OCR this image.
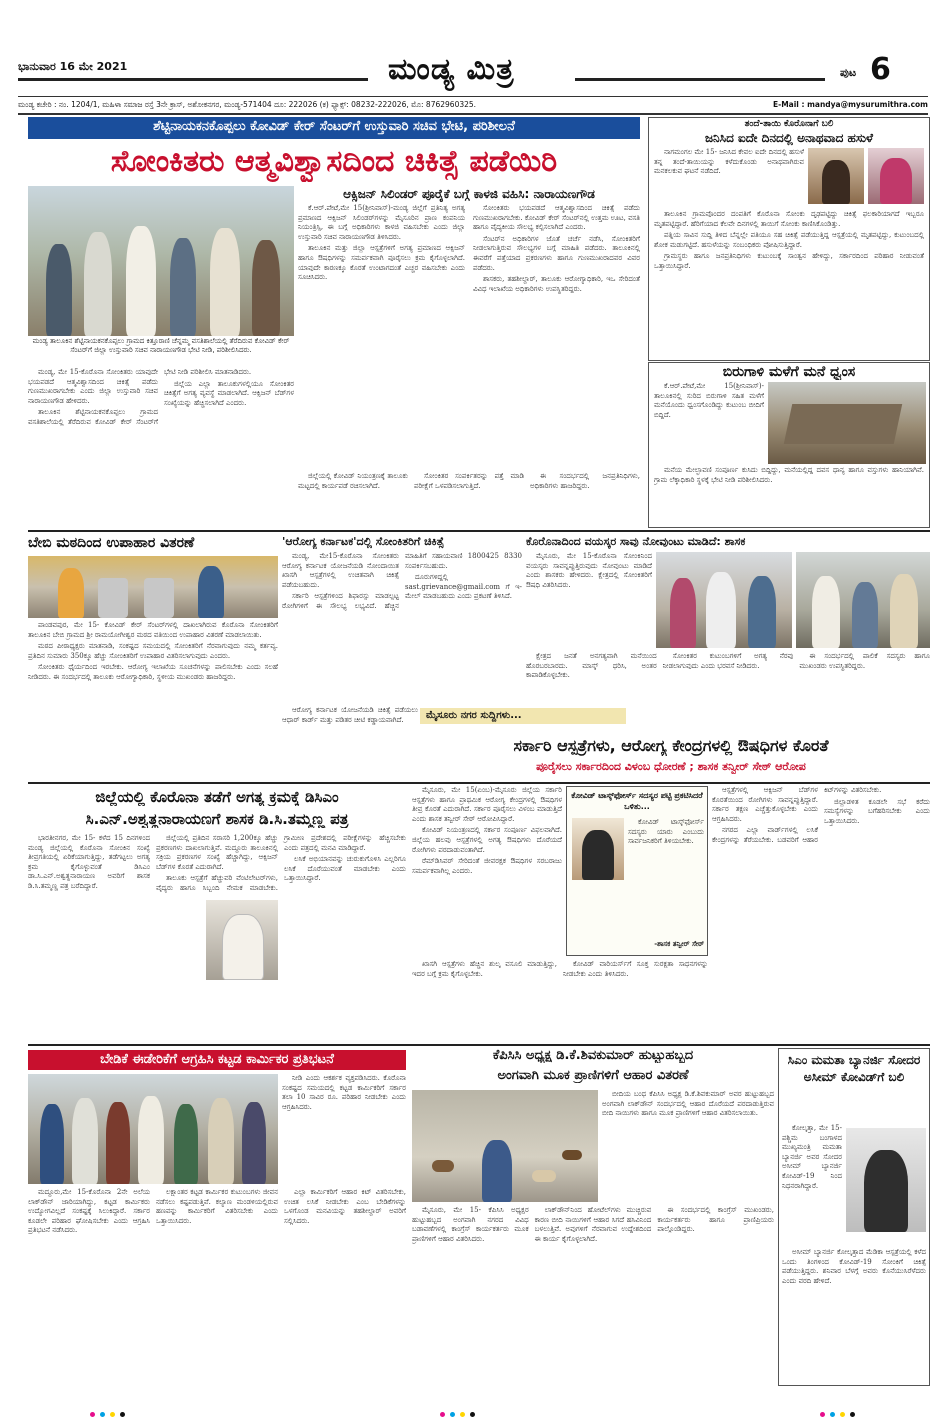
ಭಾನುವಾರ 16 ಮೇ 2021	ಮಂಡ್ಯ ಮಿತ್ರ	ಪುಟ 6
ಮಂಡ್ಯ ಕಚೇರಿ : ನಂ. 1204/1, ಮಹಿಳಾ ಸಮಾಜ ರಸ್ತೆ 3ನೇ ಕ್ರಾಸ್, ಅಶೋಕನಗರ, ಮಂಡ್ಯ-571404 ದೂ: 222026 (ಕ) ಫ್ಯಾಕ್ಸ್: 08232-222026, ಮೊ: 8762960325.	E-Mail : mandya@mysurumithra.com
ಶೆಟ್ಟಿನಾಯಕನಕೊಪ್ಪಲು ಕೋವಿಡ್ ಕೇರ್ ಸೆಂಟರ್‌ಗೆ ಉಸ್ತುವಾರಿ ಸಚಿವ ಭೇಟಿ, ಪರಿಶೀಲನೆ
ಸೋಂಕಿತರು ಆತ್ಮವಿಶ್ವಾಸದಿಂದ ಚಿಕಿತ್ಸೆ ಪಡೆಯಿರಿ
ಮಂಡ್ಯ ತಾಲೂಕಿನ ಶೆಟ್ಟಿನಾಯಕನಕೊಪ್ಪಲು ಗ್ರಾಮದ ಕಿತ್ತೂರಾಣಿ ಚೆನ್ನಮ್ಮ ವಸತಿಶಾಲೆಯಲ್ಲಿ ತೆರೆದಿರುವ ಕೋವಿಡ್ ಕೇರ್ ಸೆಂಟರ್‌ಗೆ ಜಿಲ್ಲಾ ಉಸ್ತುವಾರಿ ಸಚಿವ ನಾರಾಯಣಗೌಡ ಭೇಟಿ ನೀಡಿ, ಪರಿಶೀಲಿಸಿದರು.
ಆಕ್ಸಿಜನ್ ಸಿಲಿಂಡರ್ ಪೂರೈಕೆ ಬಗ್ಗೆ ಕಾಳಜಿ ವಹಿಸಿ: ನಾರಾಯಣಗೌಡ

ಕೆ.ಆರ್.ಪೇಟೆ,ಮೇ 15(ಶ್ರೀನಿವಾಸ್)-ಮಂಡ್ಯ ಜಿಲ್ಲೆಗೆ ಪ್ರತಿನಿತ್ಯ ಅಗತ್ಯ ಪ್ರಮಾಣದ ಆಕ್ಸಿಜನ್ ಸಿಲಿಂಡರ್‌ಗಳನ್ನು ಮೈಸೂರಿನ ಪ್ರಾಣ ಕಂಪನಿಯ ನಿಯಂತ್ರಿಸ್ಸಿ, ಈ ಬಗ್ಗೆ ಅಧಿಕಾರಿಗಳು ಕಾಳಜಿ ವಹಿಸಬೇಕು ಎಂದು ಜಿಲ್ಲಾ ಉಸ್ತುವಾರಿ ಸಚಿವ ನಾರಾಯಣಗೌಡ ತಿಳಿಸಿದರು.

ತಾಲೂಕಿನ ಮತ್ತು ಜಿಲ್ಲಾ ಆಸ್ಪತ್ರೆಗಳಿಗೆ ಅಗತ್ಯ ಪ್ರಮಾಣದ ಆಕ್ಸಿಜನ್ ಹಾಗೂ ಔಷಧಿಗಳನ್ನು ಸಮರ್ಪಕವಾಗಿ ಪೂರೈಸಲು ಕ್ರಮ ಕೈಗೊಳ್ಳಲಾಗಿದೆ. ಯಾವುದೇ ಕಾರಣಕ್ಕೂ ಕೊರತೆ ಉಂಟಾಗದಂತೆ ಎಚ್ಚರ ವಹಿಸಬೇಕು ಎಂದು ಸೂಚಿಸಿದರು.

ಸೋಂಕಿತರು ಭಯಪಡದೆ ಆತ್ಮವಿಶ್ವಾಸದಿಂದ ಚಿಕಿತ್ಸೆ ಪಡೆದು ಗುಣಮುಖರಾಗಬೇಕು. ಕೋವಿಡ್ ಕೇರ್ ಸೆಂಟರ್‌ನಲ್ಲಿ ಉತ್ತಮ ಊಟ, ವಸತಿ ಹಾಗೂ ವೈದ್ಯಕೀಯ ಸೌಲಭ್ಯ ಕಲ್ಪಿಸಲಾಗಿದೆ ಎಂದರು.

ಸೆಂಟರ್‌ನ ಅಧಿಕಾರಿಗಳ ಜೊತೆ ಚರ್ಚೆ ನಡೆಸಿ, ಸೋಂಕಿತರಿಗೆ ನೀಡಲಾಗುತ್ತಿರುವ ಸೌಲಭ್ಯಗಳ ಬಗ್ಗೆ ಮಾಹಿತಿ ಪಡೆದರು. ತಾಲೂಕಿನಲ್ಲಿ ಈವರೆಗೆ ಪತ್ತೆಯಾದ ಪ್ರಕರಣಗಳು ಹಾಗೂ ಗುಣಮುಖರಾದವರ ವಿವರ ಪಡೆದರು.

ಶಾಸಕರು, ತಹಶೀಲ್ದಾರ್, ತಾಲೂಕು ಆರೋಗ್ಯಾಧಿಕಾರಿ, ಇಒ ಸೇರಿದಂತೆ ವಿವಿಧ ಇಲಾಖೆಯ ಅಧಿಕಾರಿಗಳು ಉಪಸ್ಥಿತರಿದ್ದರು.

ಮಂಡ್ಯ, ಮೇ 15-ಕೊರೊನಾ ಸೋಂಕಿತರು ಯಾವುದೇ ಭಯಪಡದೆ ಆತ್ಮವಿಶ್ವಾಸದಿಂದ ಚಿಕಿತ್ಸೆ ಪಡೆದು ಗುಣಮುಖರಾಗಬೇಕು ಎಂದು ಜಿಲ್ಲಾ ಉಸ್ತುವಾರಿ ಸಚಿವ ನಾರಾಯಣಗೌಡ ಹೇಳಿದರು.

ತಾಲೂಕಿನ ಶೆಟ್ಟಿನಾಯಕನಕೊಪ್ಪಲು ಗ್ರಾಮದ ವಸತಿಶಾಲೆಯಲ್ಲಿ ತೆರೆದಿರುವ ಕೋವಿಡ್ ಕೇರ್ ಸೆಂಟರ್‌ಗೆ ಭೇಟಿ ನೀಡಿ ಪರಿಶೀಲಿಸಿ ಮಾತನಾಡಿದರು.

ಜಿಲ್ಲೆಯ ಎಲ್ಲಾ ತಾಲೂಕುಗಳಲ್ಲಿಯೂ ಸೋಂಕಿತರ ಚಿಕಿತ್ಸೆಗೆ ಅಗತ್ಯ ವ್ಯವಸ್ಥೆ ಮಾಡಲಾಗಿದೆ. ಆಕ್ಸಿಜನ್ ಬೆಡ್‌ಗಳ ಸಂಖ್ಯೆಯನ್ನು ಹೆಚ್ಚಿಸಲಾಗಿದೆ ಎಂದರು.

ಜಿಲ್ಲೆಯಲ್ಲಿ ಕೋವಿಡ್ ನಿಯಂತ್ರಣಕ್ಕೆ ತಾಲೂಕು ಮಟ್ಟದಲ್ಲಿ ಕಾರ್ಯಪಡೆ ರಚಿಸಲಾಗಿದೆ.

ಸೋಂಕಿತರ ಸಂಪರ್ಕಿತರನ್ನು ಪತ್ತೆ ಮಾಡಿ ಪರೀಕ್ಷೆಗೆ ಒಳಪಡಿಸಲಾಗುತ್ತಿದೆ.

ಈ ಸಂದರ್ಭದಲ್ಲಿ ಜನಪ್ರತಿನಿಧಿಗಳು, ಅಧಿಕಾರಿಗಳು ಹಾಜರಿದ್ದರು.

ತಂದೆ-ತಾಯಿ ಕೊರೊನಾಗೆ ಬಲಿ
ಜನಿಸಿದ ಐದೇ ದಿನದಲ್ಲಿ ಅನಾಥವಾದ ಹಸುಳೆ

ನಾಗಮಂಗಲ ಮೇ 15- ಜನಿಸಿದ ಕೇವಲ ಐದೇ ದಿನದಲ್ಲಿ ಹಸುಳೆ ತನ್ನ ತಂದೆ-ತಾಯಿಯನ್ನು ಕಳೆದುಕೊಂಡು ಅನಾಥವಾಗಿರುವ ಮನಕಲಕುವ ಘಟನೆ ನಡೆದಿದೆ.

ತಾಲೂಕಿನ ಗ್ರಾಮವೊಂದರ ದಂಪತಿಗೆ ಕೊರೊನಾ ಸೋಂಕು ದೃಢಪಟ್ಟಿದ್ದು ಚಿಕಿತ್ಸೆ ಫಲಕಾರಿಯಾಗದೆ ಇಬ್ಬರೂ ಮೃತಪಟ್ಟಿದ್ದಾರೆ. ಹೆರಿಗೆಯಾದ ಕೆಲವೇ ದಿನಗಳಲ್ಲಿ ತಾಯಿಗೆ ಸೋಂಕು ಕಾಣಿಸಿಕೊಂಡಿತ್ತು.

ಪತ್ನಿಯ ಸಾವಿನ ಸುದ್ದಿ ತಿಳಿದ ಬೆನ್ನಲ್ಲೇ ಪತಿಯೂ ಸಹ ಚಿಕಿತ್ಸೆ ಪಡೆಯುತ್ತಿದ್ದ ಆಸ್ಪತ್ರೆಯಲ್ಲಿ ಮೃತಪಟ್ಟಿದ್ದು, ಕುಟುಂಬದಲ್ಲಿ ಶೋಕ ಮಡುಗಟ್ಟಿದೆ. ಹಸುಳೆಯನ್ನು ಸಂಬಂಧಿಕರು ಪೋಷಿಸುತ್ತಿದ್ದಾರೆ.

ಗ್ರಾಮಸ್ಥರು ಹಾಗೂ ಜನಪ್ರತಿನಿಧಿಗಳು ಕುಟುಂಬಕ್ಕೆ ಸಾಂತ್ವನ ಹೇಳಿದ್ದು, ಸರ್ಕಾರದಿಂದ ಪರಿಹಾರ ನೀಡುವಂತೆ ಒತ್ತಾಯಿಸಿದ್ದಾರೆ.

ಬಿರುಗಾಳಿ ಮಳೆಗೆ ಮನೆ ಧ್ವಂಸ

ಕೆ.ಆರ್.ಪೇಟೆ,ಮೇ 15(ಶ್ರೀನಿವಾಸ್)-ತಾಲೂಕಿನಲ್ಲಿ ಸುರಿದ ಬಿರುಗಾಳಿ ಸಹಿತ ಮಳೆಗೆ ಮನೆಯೊಂದು ಧ್ವಂಸಗೊಂಡಿದ್ದು ಕುಟುಂಬ ಬೀದಿಗೆ ಬಿದ್ದಿದೆ.

ಮನೆಯ ಮೇಲ್ಛಾವಣಿ ಸಂಪೂರ್ಣ ಕುಸಿದು ಬಿದ್ದಿದ್ದು, ಮನೆಯಲ್ಲಿದ್ದ ದವಸ ಧಾನ್ಯ ಹಾಗೂ ವಸ್ತುಗಳು ಹಾನಿಯಾಗಿವೆ. ಗ್ರಾಮ ಲೆಕ್ಕಾಧಿಕಾರಿ ಸ್ಥಳಕ್ಕೆ ಭೇಟಿ ನೀಡಿ ಪರಿಶೀಲಿಸಿದರು.

ಬೇಬಿ ಮಠದಿಂದ ಉಪಾಹಾರ ವಿತರಣೆ

ಪಾಂಡವಪುರ, ಮೇ 15- ಕೋವಿಡ್ ಕೇರ್ ಸೆಂಟರ್‌ಗಳಲ್ಲಿ ದಾಖಲಾಗಿರುವ ಕೊರೊನಾ ಸೋಂಕಿತರಿಗೆ ತಾಲೂಕಿನ ಬೇಬಿ ಗ್ರಾಮದ ಶ್ರೀ ರಾಮಯೋಗೀಶ್ವರ ಮಠದ ವತಿಯಿಂದ ಉಪಾಹಾರ ವಿತರಣೆ ಮಾಡಲಾಯಿತು.

ಮಠದ ಪೀಠಾಧ್ಯಕ್ಷರು ಮಾತನಾಡಿ, ಸಂಕಷ್ಟದ ಸಮಯದಲ್ಲಿ ಸೋಂಕಿತರಿಗೆ ನೆರವಾಗುವುದು ನಮ್ಮ ಕರ್ತವ್ಯ. ಪ್ರತಿದಿನ ಸುಮಾರು 350ಕ್ಕೂ ಹೆಚ್ಚು ಸೋಂಕಿತರಿಗೆ ಉಪಾಹಾರ ವಿತರಿಸಲಾಗುವುದು ಎಂದರು.

ಸೋಂಕಿತರು ಧೈರ್ಯದಿಂದ ಇರಬೇಕು. ಆರೋಗ್ಯ ಇಲಾಖೆಯ ಸೂಚನೆಗಳನ್ನು ಪಾಲಿಸಬೇಕು ಎಂದು ಸಲಹೆ ನೀಡಿದರು. ಈ ಸಂದರ್ಭದಲ್ಲಿ ತಾಲೂಕು ಆರೋಗ್ಯಾಧಿಕಾರಿ, ಸ್ಥಳೀಯ ಮುಖಂಡರು ಹಾಜರಿದ್ದರು.

'ಆರೋಗ್ಯ ಕರ್ನಾಟಕ'ದಲ್ಲಿ ಸೋಂಕಿತರಿಗೆ ಚಿಕಿತ್ಸೆ

ಮಂಡ್ಯ, ಮೇ15-ಕೊರೊನಾ ಸೋಂಕಿತರು ಆರೋಗ್ಯ ಕರ್ನಾಟಕ ಯೋಜನೆಯಡಿ ನೋಂದಾಯಿತ ಖಾಸಗಿ ಆಸ್ಪತ್ರೆಗಳಲ್ಲಿ ಉಚಿತವಾಗಿ ಚಿಕಿತ್ಸೆ ಪಡೆಯಬಹುದು.

ಸರ್ಕಾರಿ ಆಸ್ಪತ್ರೆಗಳಿಂದ ಶಿಫಾರಸ್ಸು ಮಾಡಲ್ಪಟ್ಟ ರೋಗಿಗಳಿಗೆ ಈ ಸೌಲಭ್ಯ ಲಭ್ಯವಿದೆ. ಹೆಚ್ಚಿನ ಮಾಹಿತಿಗೆ ಸಹಾಯವಾಣಿ 1800425 8330 ಸಂಪರ್ಕಿಸಬಹುದು.

ದೂರುಗಳಿದ್ದಲ್ಲಿ sast.grievance@gmail.com ಗೆ ಇ-ಮೇಲ್ ಮಾಡಬಹುದು ಎಂದು ಪ್ರಕಟಣೆ ತಿಳಿಸಿದೆ.

ಕೊರೊನಾದಿಂದ ವಯಸ್ಕರ ಸಾವು ನೋವುಂಟು ಮಾಡಿದೆ: ಶಾಸಕ

ಮೈಸೂರು, ಮೇ 15-ಕೊರೊನಾ ಸೋಂಕಿನಿಂದ ವಯಸ್ಕರು ಸಾವನ್ನಪ್ಪುತ್ತಿರುವುದು ನೋವುಂಟು ಮಾಡಿದೆ ಎಂದು ಶಾಸಕರು ಹೇಳಿದರು. ಕ್ಷೇತ್ರದಲ್ಲಿ ಸೋಂಕಿತರಿಗೆ ಔಷಧಿ ವಿತರಿಸಿದರು.

ಕ್ಷೇತ್ರದ ಜನತೆ ಅನಗತ್ಯವಾಗಿ ಮನೆಯಿಂದ ಹೊರಬರಬಾರದು. ಮಾಸ್ಕ್ ಧರಿಸಿ, ಅಂತರ ಕಾಪಾಡಿಕೊಳ್ಳಬೇಕು.

ಸೋಂಕಿತರ ಕುಟುಂಬಗಳಿಗೆ ಅಗತ್ಯ ನೆರವು ನೀಡಲಾಗುವುದು ಎಂದು ಭರವಸೆ ನೀಡಿದರು.

ಈ ಸಂದರ್ಭದಲ್ಲಿ ಪಾಲಿಕೆ ಸದಸ್ಯರು ಹಾಗೂ ಮುಖಂಡರು ಉಪಸ್ಥಿತರಿದ್ದರು.

ಮೈಸೂರು ನಗರ ಸುದ್ದಿಗಳು...

ಆರೋಗ್ಯ ಕರ್ನಾಟಕ ಯೋಜನೆಯಡಿ ಚಿಕಿತ್ಸೆ ಪಡೆಯಲು ಆಧಾರ್ ಕಾರ್ಡ್ ಮತ್ತು ಪಡಿತರ ಚೀಟಿ ಕಡ್ಡಾಯವಾಗಿದೆ.

ಜಿಲ್ಲೆಯಲ್ಲಿ ಕೊರೊನಾ ತಡೆಗೆ ಅಗತ್ಯ ಕ್ರಮಕ್ಕೆ ಡಿಸಿಎಂ
ಸಿ.ಎನ್.ಅಶ್ವತ್ಥನಾರಾಯಣಗೆ ಶಾಸಕ ಡಿ.ಸಿ.ತಮ್ಮಣ್ಣ ಪತ್ರ

ಭಾರತೀನಗರ, ಮೇ 15- ಕಳೆದ 15 ದಿನಗಳಿಂದ ಮಂಡ್ಯ ಜಿಲ್ಲೆಯಲ್ಲಿ ಕೊರೊನಾ ಸೋಂಕಿನ ಸಂಖ್ಯೆ ತೀವ್ರಗತಿಯಲ್ಲಿ ಏರಿಕೆಯಾಗುತ್ತಿದ್ದು, ತಡೆಗಟ್ಟಲು ಅಗತ್ಯ ಕ್ರಮ ಕೈಗೊಳ್ಳುವಂತೆ ಡಿಸಿಎಂ ಡಾ.ಸಿ.ಎನ್.ಅಶ್ವತ್ಥನಾರಾಯಣ ಅವರಿಗೆ ಶಾಸಕ ಡಿ.ಸಿ.ತಮ್ಮಣ್ಣ ಪತ್ರ ಬರೆದಿದ್ದಾರೆ.

ಜಿಲ್ಲೆಯಲ್ಲಿ ಪ್ರತಿದಿನ ಸರಾಸರಿ 1,200ಕ್ಕೂ ಹೆಚ್ಚು ಪ್ರಕರಣಗಳು ದಾಖಲಾಗುತ್ತಿವೆ. ಮದ್ದೂರು ತಾಲೂಕಿನಲ್ಲಿ ಸಕ್ರಿಯ ಪ್ರಕರಣಗಳ ಸಂಖ್ಯೆ ಹೆಚ್ಚಾಗಿದ್ದು, ಆಕ್ಸಿಜನ್ ಬೆಡ್‌ಗಳ ಕೊರತೆ ಎದುರಾಗಿದೆ.

ತಾಲೂಕು ಆಸ್ಪತ್ರೆಗೆ ಹೆಚ್ಚುವರಿ ವೆಂಟಿಲೇಟರ್‌ಗಳು, ವೈದ್ಯರು ಹಾಗೂ ಸಿಬ್ಬಂದಿ ನೇಮಕ ಮಾಡಬೇಕು. ಗ್ರಾಮೀಣ ಪ್ರದೇಶದಲ್ಲಿ ಪರೀಕ್ಷೆಗಳನ್ನು ಹೆಚ್ಚಿಸಬೇಕು ಎಂದು ಪತ್ರದಲ್ಲಿ ಮನವಿ ಮಾಡಿದ್ದಾರೆ.

ಲಸಿಕೆ ಅಭಿಯಾನವನ್ನು ಚುರುಕುಗೊಳಿಸಿ ಎಲ್ಲರಿಗೂ ಲಸಿಕೆ ದೊರೆಯುವಂತೆ ಮಾಡಬೇಕು ಎಂದು ಒತ್ತಾಯಿಸಿದ್ದಾರೆ.

ಸರ್ಕಾರಿ ಆಸ್ಪತ್ರೆಗಳು, ಆರೋಗ್ಯ ಕೇಂದ್ರಗಳಲ್ಲಿ ಔಷಧಿಗಳ ಕೊರತೆ
ಪೂರೈಸಲು ಸರ್ಕಾರದಿಂದ ವಿಳಂಬ ಧೋರಣೆ ; ಶಾಸಕ ತನ್ವೀರ್ ಸೇಠ್ ಆರೋಪ

ಮೈಸೂರು, ಮೇ 15(ಏಂಬ)-ಮೈಸೂರು ಜಿಲ್ಲೆಯ ಸರ್ಕಾರಿ ಆಸ್ಪತ್ರೆಗಳು ಹಾಗೂ ಪ್ರಾಥಮಿಕ ಆರೋಗ್ಯ ಕೇಂದ್ರಗಳಲ್ಲಿ ಔಷಧಿಗಳ ತೀವ್ರ ಕೊರತೆ ಎದುರಾಗಿದೆ. ಸರ್ಕಾರ ಪೂರೈಸಲು ವಿಳಂಬ ಮಾಡುತ್ತಿದೆ ಎಂದು ಶಾಸಕ ತನ್ವೀರ್ ಸೇಠ್ ಆರೋಪಿಸಿದ್ದಾರೆ.

ಕೋವಿಡ್ ನಿಯಂತ್ರಣದಲ್ಲಿ ಸರ್ಕಾರ ಸಂಪೂರ್ಣ ವಿಫಲವಾಗಿದೆ. ಜಿಲ್ಲೆಯ ಹಲವು ಆಸ್ಪತ್ರೆಗಳಲ್ಲಿ ಅಗತ್ಯ ಔಷಧಿಗಳು ದೊರೆಯದೆ ರೋಗಿಗಳು ಪರದಾಡುವಂತಾಗಿದೆ.

ರೆಮ್‌ಡಿಸಿವರ್ ಸೇರಿದಂತೆ ಜೀವರಕ್ಷಕ ಔಷಧಿಗಳ ಸರಬರಾಜು ಸಮರ್ಪಕವಾಗಿಲ್ಲ ಎಂದರು.

ಕೋವಿಡ್ ಟಾಸ್ಕ್‌ಫೋರ್ಸ್ ಸದಸ್ಯರ ಪಟ್ಟಿ ಪ್ರಕಟಿಸಿದರೆ ಒಳಿತು...

ಕೋವಿಡ್ ಟಾಸ್ಕ್‌ಫೋರ್ಸ್ ಸದಸ್ಯರು ಯಾರು ಎಂಬುದು ಸಾರ್ವಜನಿಕರಿಗೆ ತಿಳಿಯಬೇಕು.

-ಶಾಸಕ ತನ್ವೀರ್ ಸೇಠ್

ಆಸ್ಪತ್ರೆಗಳಲ್ಲಿ ಆಕ್ಸಿಜನ್ ಬೆಡ್‌ಗಳ ಕೊರತೆಯಿಂದ ರೋಗಿಗಳು ಸಾವನ್ನಪ್ಪುತ್ತಿದ್ದಾರೆ. ಸರ್ಕಾರ ತಕ್ಷಣ ಎಚ್ಚೆತ್ತುಕೊಳ್ಳಬೇಕು ಎಂದು ಆಗ್ರಹಿಸಿದರು.

ನಗರದ ಎಲ್ಲಾ ವಾರ್ಡ್‌ಗಳಲ್ಲಿ ಲಸಿಕೆ ಕೇಂದ್ರಗಳನ್ನು ತೆರೆಯಬೇಕು. ಬಡವರಿಗೆ ಆಹಾರ ಕಿಟ್‌ಗಳನ್ನು ವಿತರಿಸಬೇಕು.

ಜಿಲ್ಲಾಡಳಿತ ಕೂಡಲೇ ಸಭೆ ಕರೆದು ಸಮಸ್ಯೆಗಳನ್ನು ಬಗೆಹರಿಸಬೇಕು ಎಂದು ಒತ್ತಾಯಿಸಿದರು.

ಖಾಸಗಿ ಆಸ್ಪತ್ರೆಗಳು ಹೆಚ್ಚಿನ ಶುಲ್ಕ ವಸೂಲಿ ಮಾಡುತ್ತಿದ್ದು, ಇದರ ಬಗ್ಗೆ ಕ್ರಮ ಕೈಗೊಳ್ಳಬೇಕು.

ಕೋವಿಡ್ ವಾರಿಯರ್ಸ್‌ಗೆ ಸೂಕ್ತ ಸುರಕ್ಷತಾ ಸಾಧನಗಳನ್ನು ನೀಡಬೇಕು ಎಂದು ತಿಳಿಸಿದರು.

ಬೇಡಿಕೆ ಈಡೇರಿಕೆಗೆ ಆಗ್ರಹಿಸಿ ಕಟ್ಟಡ ಕಾರ್ಮಿಕರ ಪ್ರತಿಭಟನೆ

ನೀಡಿ ಎಂದು ಆಕರ್ಶಕ ವ್ಯಕ್ತಪಡಿಸಿದರು. ಕೊರೊನಾ ಸಂಕಷ್ಟದ ಸಮಯದಲ್ಲಿ ಕಟ್ಟಡ ಕಾರ್ಮಿಕರಿಗೆ ಸರ್ಕಾರ ತಲಾ 10 ಸಾವಿರ ರೂ. ಪರಿಹಾರ ನೀಡಬೇಕು ಎಂದು ಆಗ್ರಹಿಸಿದರು.

ಮದ್ದೂರು,ಮೇ 15-ಕೊರೊನಾ 2ನೇ ಅಲೆಯ ಲಾಕ್‌ಡೌನ್ ಜಾರಿಯಾಗಿದ್ದು, ಕಟ್ಟಡ ಕಾರ್ಮಿಕರು ಉದ್ಯೋಗವಿಲ್ಲದೆ ಸಂಕಷ್ಟಕ್ಕೆ ಸಿಲುಕಿದ್ದಾರೆ. ಸರ್ಕಾರ ಕೂಡಲೇ ಪರಿಹಾರ ಘೋಷಿಸಬೇಕು ಎಂದು ಆಗ್ರಹಿಸಿ ಪ್ರತಿಭಟನೆ ನಡೆಸಿದರು.

ಲಕ್ಷಾಂತರ ಕಟ್ಟಡ ಕಾರ್ಮಿಕರ ಕುಟುಂಬಗಳು ಜೀವನ ನಡೆಸಲು ಕಷ್ಟಪಡುತ್ತಿವೆ. ಕಲ್ಯಾಣ ಮಂಡಳಿಯಲ್ಲಿರುವ ಹಣವನ್ನು ಕಾರ್ಮಿಕರಿಗೆ ವಿತರಿಸಬೇಕು ಎಂದು ಒತ್ತಾಯಿಸಿದರು.

ಎಲ್ಲಾ ಕಾರ್ಮಿಕರಿಗೆ ಆಹಾರ ಕಿಟ್ ವಿತರಿಸಬೇಕು, ಉಚಿತ ಲಸಿಕೆ ನೀಡಬೇಕು ಎಂಬ ಬೇಡಿಕೆಗಳನ್ನು ಒಳಗೊಂಡ ಮನವಿಯನ್ನು ತಹಶೀಲ್ದಾರ್ ಅವರಿಗೆ ಸಲ್ಲಿಸಿದರು.

ಕೆಪಿಸಿಸಿ ಅಧ್ಯಕ್ಷ ಡಿ.ಕೆ.ಶಿವಕುಮಾರ್ ಹುಟ್ಟುಹಬ್ಬದ
ಅಂಗವಾಗಿ ಮೂಕ ಪ್ರಾಣಿಗಳಿಗೆ ಆಹಾರ ವಿತರಣೆ

ಬೀದಿಯ ಬಂಧ ಕೆಪಿಸಿಸಿ ಅಧ್ಯಕ್ಷ ಡಿ.ಕೆ.ಶಿವಕುಮಾರ್ ಅವರ ಹುಟ್ಟುಹಬ್ಬದ ಅಂಗವಾಗಿ ಲಾಕ್‌ಡೌನ್ ಸಂದರ್ಭದಲ್ಲಿ ಆಹಾರ ದೊರೆಯದೆ ಪರದಾಡುತ್ತಿರುವ ಬೀದಿ ನಾಯಿಗಳು ಹಾಗೂ ಮೂಕ ಪ್ರಾಣಿಗಳಿಗೆ ಆಹಾರ ವಿತರಿಸಲಾಯಿತು.

ಮೈಸೂರು, ಮೇ 15- ಕೆಪಿಸಿಸಿ ಅಧ್ಯಕ್ಷರ ಹುಟ್ಟುಹಬ್ಬದ ಅಂಗವಾಗಿ ನಗರದ ವಿವಿಧ ಬಡಾವಣೆಗಳಲ್ಲಿ ಕಾಂಗ್ರೆಸ್ ಕಾರ್ಯಕರ್ತರು ಮೂಕ ಪ್ರಾಣಿಗಳಿಗೆ ಆಹಾರ ವಿತರಿಸಿದರು.

ಲಾಕ್‌ಡೌನ್‌ನಿಂದ ಹೋಟೆಲ್‌ಗಳು ಮುಚ್ಚಿರುವ ಕಾರಣ ಬೀದಿ ನಾಯಿಗಳಿಗೆ ಆಹಾರ ಸಿಗದೆ ಹಸಿವಿನಿಂದ ಬಳಲುತ್ತಿವೆ. ಅವುಗಳಿಗೆ ನೆರವಾಗುವ ಉದ್ದೇಶದಿಂದ ಈ ಕಾರ್ಯ ಕೈಗೊಳ್ಳಲಾಗಿದೆ.

ಈ ಸಂದರ್ಭದಲ್ಲಿ ಕಾಂಗ್ರೆಸ್ ಮುಖಂಡರು, ಕಾರ್ಯಕರ್ತರು ಹಾಗೂ ಪ್ರಾಣಿಪ್ರಿಯರು ಪಾಲ್ಗೊಂಡಿದ್ದರು.

ಸಿಎಂ ಮಮತಾ ಬ್ಯಾನರ್ಜಿ ಸೋದರ ಅಸೀಮ್ ಕೋವಿಡ್‌ಗೆ ಬಲಿ

ಕೋಲ್ಕತ್ತಾ, ಮೇ 15- ಪಶ್ಚಿಮ ಬಂಗಾಳದ ಮುಖ್ಯಮಂತ್ರಿ ಮಮತಾ ಬ್ಯಾನರ್ಜಿ ಅವರ ಸೋದರ ಅಸೀಮ್ ಬ್ಯಾನರ್ಜಿ ಕೋವಿಡ್-19 ನಿಂದ ನಿಧನರಾಗಿದ್ದಾರೆ.

ಅಸೀಮ್ ಬ್ಯಾನರ್ಜಿ ಕೋಲ್ಕತ್ತಾದ ಮೆಡಿಕಾ ಆಸ್ಪತ್ರೆಯಲ್ಲಿ ಕಳೆದ ಒಂದು ತಿಂಗಳಿಂದ ಕೋವಿಡ್-19 ಸೋಂಕಿಗೆ ಚಿಕಿತ್ಸೆ ಪಡೆಯುತ್ತಿದ್ದರು. ಶನಿವಾರ ಬೆಳಗ್ಗೆ ಅವರು ಕೊನೆಯುಸಿರೆಳೆದರು ಎಂದು ವರದಿ ಹೇಳಿದೆ.
